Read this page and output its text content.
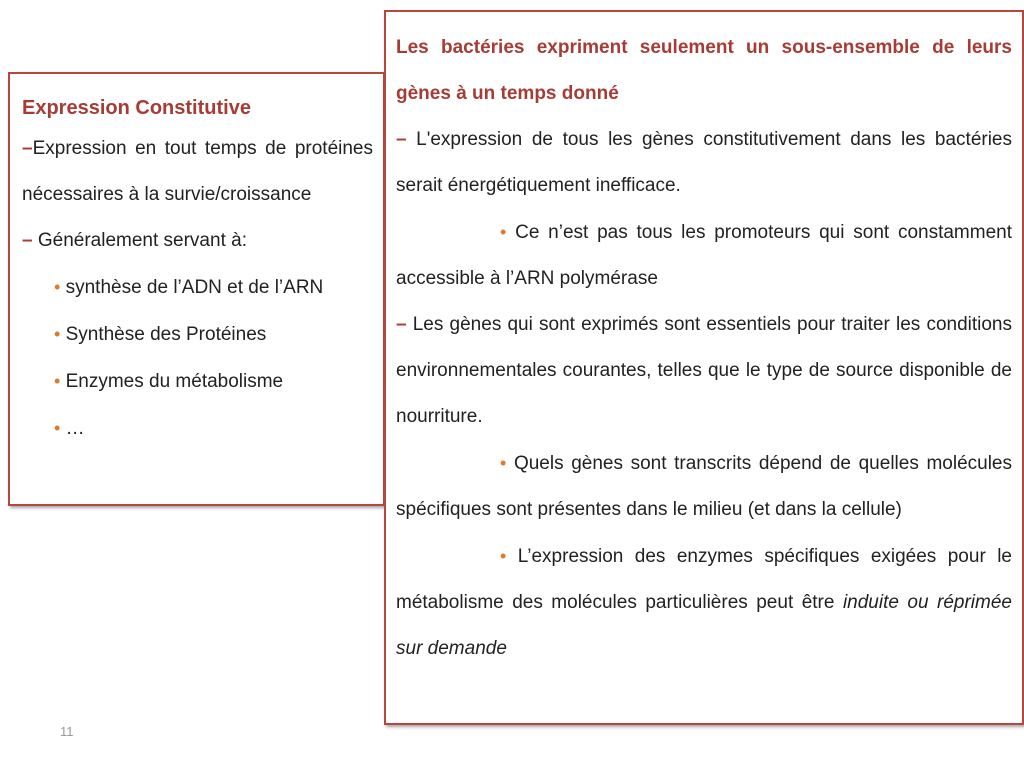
Expression Constitutive
–Expression en tout temps de protéines nécessaires à la survie/croissance
– Généralement servant à:
• synthèse de l’ADN et de l’ARN
• Synthèse des Protéines
• Enzymes du métabolisme
• …
Les bactéries expriment seulement un sous-ensemble de leurs gènes à un temps donné
– L'expression de tous les gènes constitutivement dans les bactéries serait énergétiquement inefficace.
• Ce n’est pas tous les promoteurs qui sont constamment accessible à l’ARN polymérase
– Les gènes qui sont exprimés sont essentiels pour traiter les conditions environnementales courantes, telles que le type de source disponible de nourriture.
• Quels gènes sont transcrits dépend de quelles molécules spécifiques sont présentes dans le milieu (et dans la cellule)
• L’expression des enzymes spécifiques exigées pour le métabolisme des molécules particulières peut être induite ou réprimée sur demande
11
